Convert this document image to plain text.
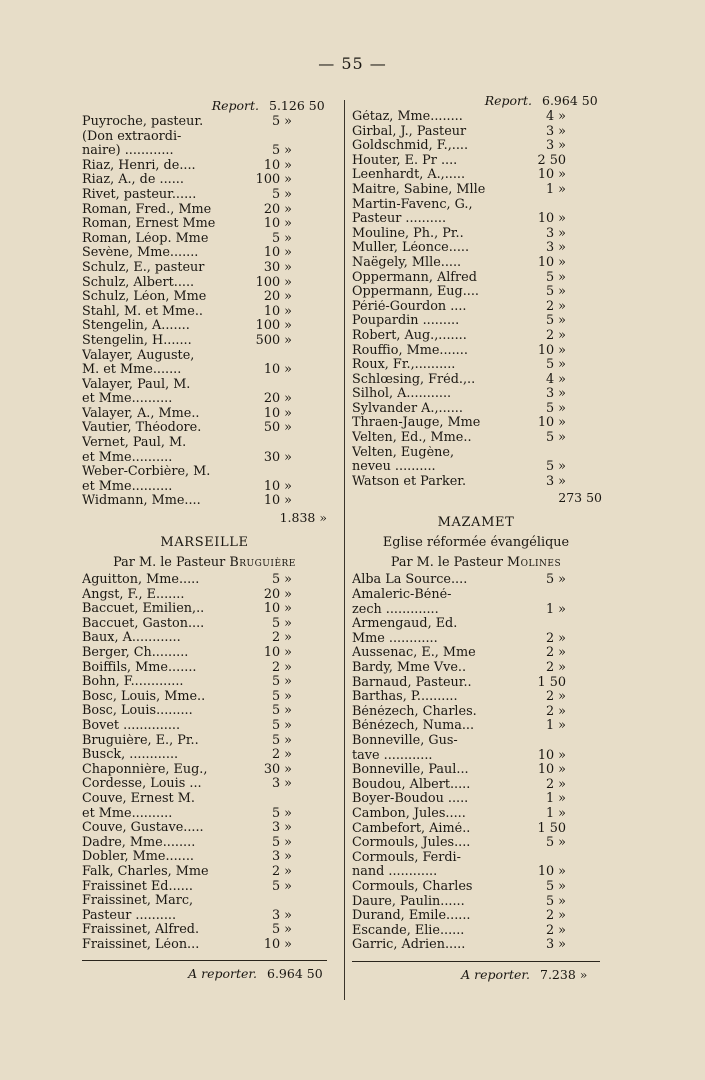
— 55 —
Report. 5.126 50
Puyroche, pasteur.	5 »
(Don extraordi-
naire) ............	5 »
Riaz, Henri, de....	10 »
Riaz, A., de ......	100 »
Rivet, pasteur......	5 »
Roman, Fred., Mme	20 »
Roman, Ernest Mme	10 »
Roman, Léop. Mme	5 »
Sevène, Mme.......	10 »
Schulz, E., pasteur	30 »
Schulz, Albert.....	100 »
Schulz, Léon, Mme	20 »
Stahl, M. et Mme..	10 »
Stengelin, A.......	100 »
Stengelin, H.......	500 »
Valayer, Auguste,
M. et Mme.......	10 »
Valayer, Paul, M.
et Mme..........	20 »
Valayer, A., Mme..	10 »
Vautier, Théodore.	50 »
Vernet, Paul, M.
et Mme..........	30 »
Weber-Corbière, M.
et Mme..........	10 »
Widmann, Mme....	10 »
1.838 »
MARSEILLE
Par M. le Pasteur Bruguière
Aguitton, Mme.....	5 »
Angst, F., E.......	20 »
Baccuet, Emilien,..	10 »
Baccuet, Gaston....	5 »
Baux, A............	2 »
Berger, Ch.........	10 »
Boiffils, Mme.......	2 »
Bohn, F.............	5 »
Bosc, Louis, Mme..	5 »
Bosc, Louis.........	5 »
Bovet ..............	5 »
Bruguière, E., Pr..	5 »
Busck, ............	2 »
Chaponnière, Eug.,	30 »
Cordesse, Louis ...	3 »
Couve, Ernest M.
et Mme..........	5 »
Couve, Gustave.....	3 »
Dadre, Mme........	5 »
Dobler, Mme.......	3 »
Falk, Charles, Mme	2 »
Fraissinet Ed......	5 »
Fraissinet, Marc,
Pasteur ..........	3 »
Fraissinet, Alfred.	5 »
Fraissinet, Léon...	10 »
A reporter. 6.964 50
Report. 6.964 50
Gétaz, Mme........	4 »
Girbal, J., Pasteur	3 »
Goldschmid, F.,....	3 »
Houter, E. Pr ....	2 50
Leenhardt, A.,.....	10 »
Maitre, Sabine, Mlle	1 »
Martin-Favenc, G.,
Pasteur ..........	10 »
Mouline, Ph., Pr..	3 »
Muller, Léonce.....	3 »
Naëgely, Mlle.....	10 »
Oppermann, Alfred	5 »
Oppermann, Eug....	5 »
Périé-Gourdon ....	2 »
Poupardin .........	5 »
Robert, Aug.,.......	2 »
Rouffio, Mme.......	10 »
Roux, Fr.,..........	5 »
Schlœsing, Fréd.,..	4 »
Silhol, A...........	3 »
Sylvander A.,......	5 »
Thraen-Jauge, Mme	10 »
Velten, Ed., Mme..	5 »
Velten, Eugène,
neveu ..........	5 »
Watson et Parker.	3 »
273 50
MAZAMET
Eglise réformée évangélique
Par M. le Pasteur Molines
Alba La Source....	5 »
Amaleric-Béné-
zech .............	1 »
Armengaud, Ed.
Mme ............	2 »
Aussenac, E., Mme	2 »
Bardy, Mme Vve..	2 »
Barnaud, Pasteur..	1 50
Barthas, P..........	2 »
Bénézech, Charles.	2 »
Bénézech, Numa...	1 »
Bonneville, Gus-
tave ............	10 »
Bonneville, Paul...	10 »
Boudou, Albert.....	2 »
Boyer-Boudou .....	1 »
Cambon, Jules.....	1 »
Cambefort, Aimé..	1 50
Cormouls, Jules....	5 »
Cormouls, Ferdi-
nand ............	10 »
Cormouls, Charles	5 »
Daure, Paulin......	5 »
Durand, Emile......	2 »
Escande, Elie......	2 »
Garric, Adrien.....	3 »
A reporter. 7.238 »
